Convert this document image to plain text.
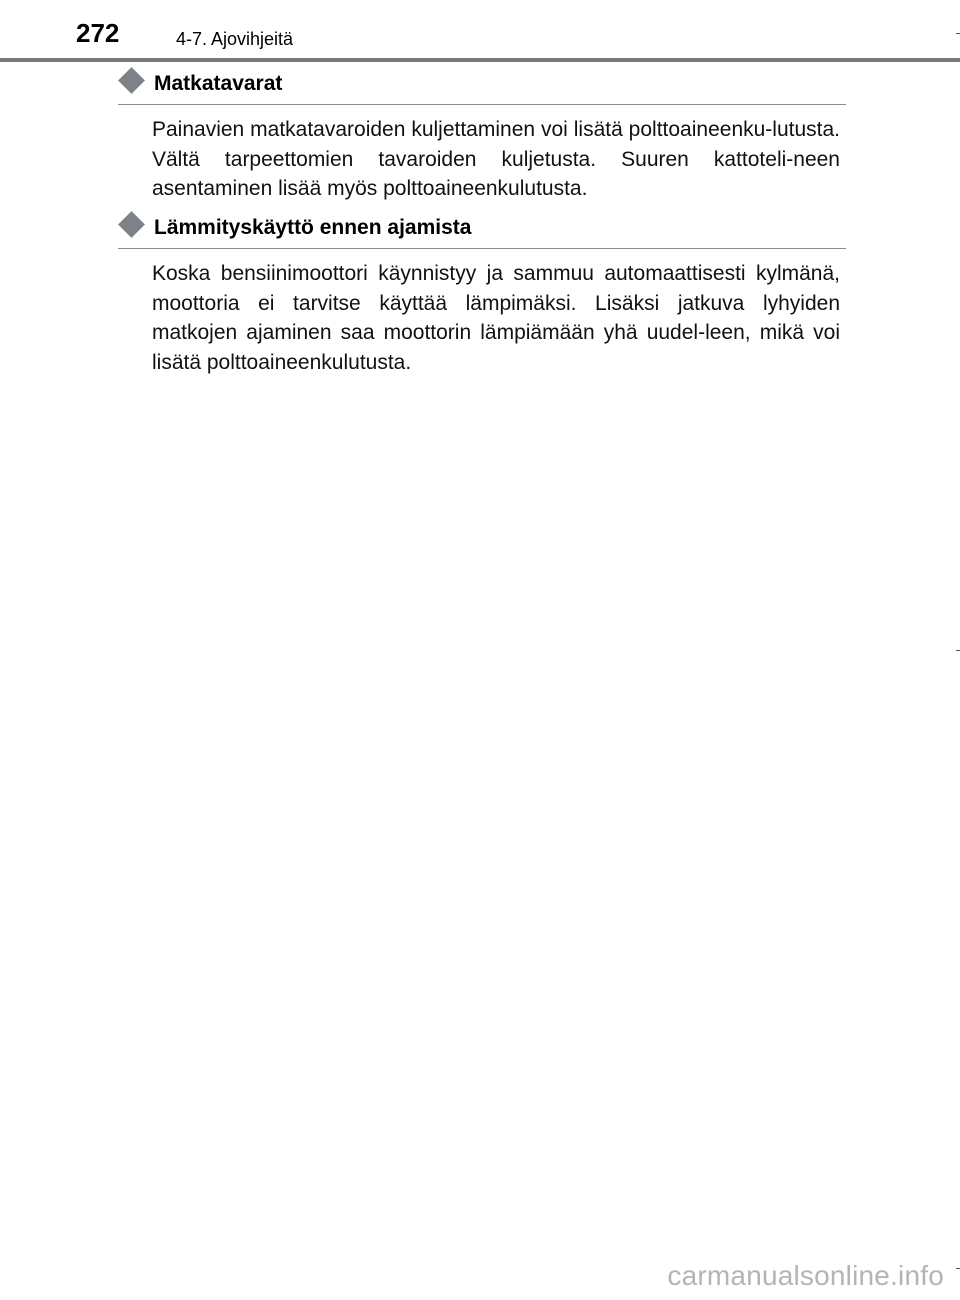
272	4-7. Ajovihjeitä
Matkatavarat

Painavien matkatavaroiden kuljettaminen voi lisätä polttoaineenku-lutusta. Vältä tarpeettomien tavaroiden kuljetusta. Suuren kattoteli-neen asentaminen lisää myös polttoaineenkulutusta.

Lämmityskäyttö ennen ajamista

Koska bensiinimoottori käynnistyy ja sammuu automaattisesti kylmänä, moottoria ei tarvitse käyttää lämpimäksi. Lisäksi jatkuva lyhyiden matkojen ajaminen saa moottorin lämpiämään yhä uudel-leen, mikä voi lisätä polttoaineenkulutusta.

carmanualsonline.info
